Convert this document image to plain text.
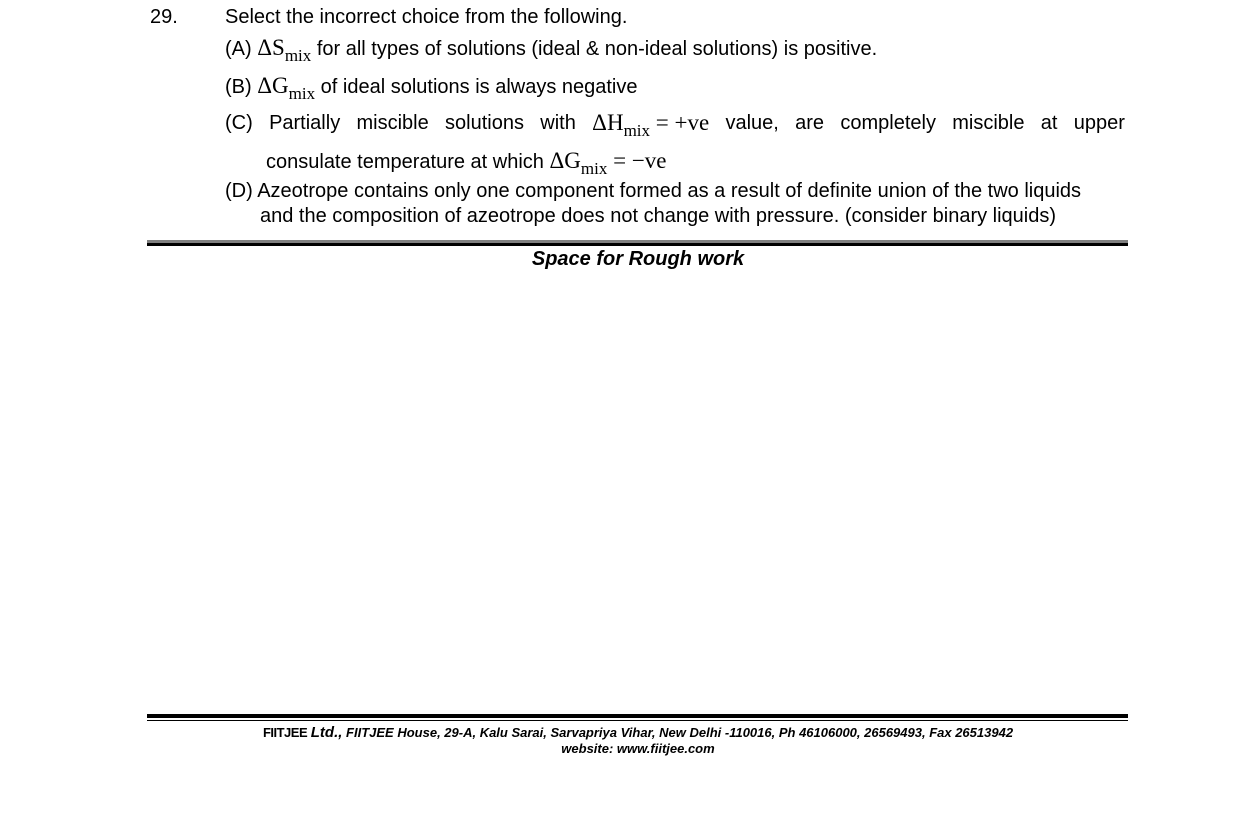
29. Select the incorrect choice from the following.
(A) $\Delta S_{mix}$ for all types of solutions (ideal & non-ideal solutions) is positive.
(B) $\Delta G_{mix}$ of ideal solutions is always negative
(C) Partially miscible solutions with $\Delta H_{mix} = +ve$ value, are completely miscible at upper
consulate temperature at which $\Delta G_{mix} = -ve$
(D) Azeotrope contains only one component formed as a result of definite union of the two liquids
and the composition of azeotrope does not change with pressure. (consider binary liquids)
Space for Rough work
FIITJEE Ltd., FIITJEE House, 29-A, Kalu Sarai, Sarvapriya Vihar, New Delhi -110016, Ph 46106000, 26569493, Fax 26513942
website: www.fiitjee.com
